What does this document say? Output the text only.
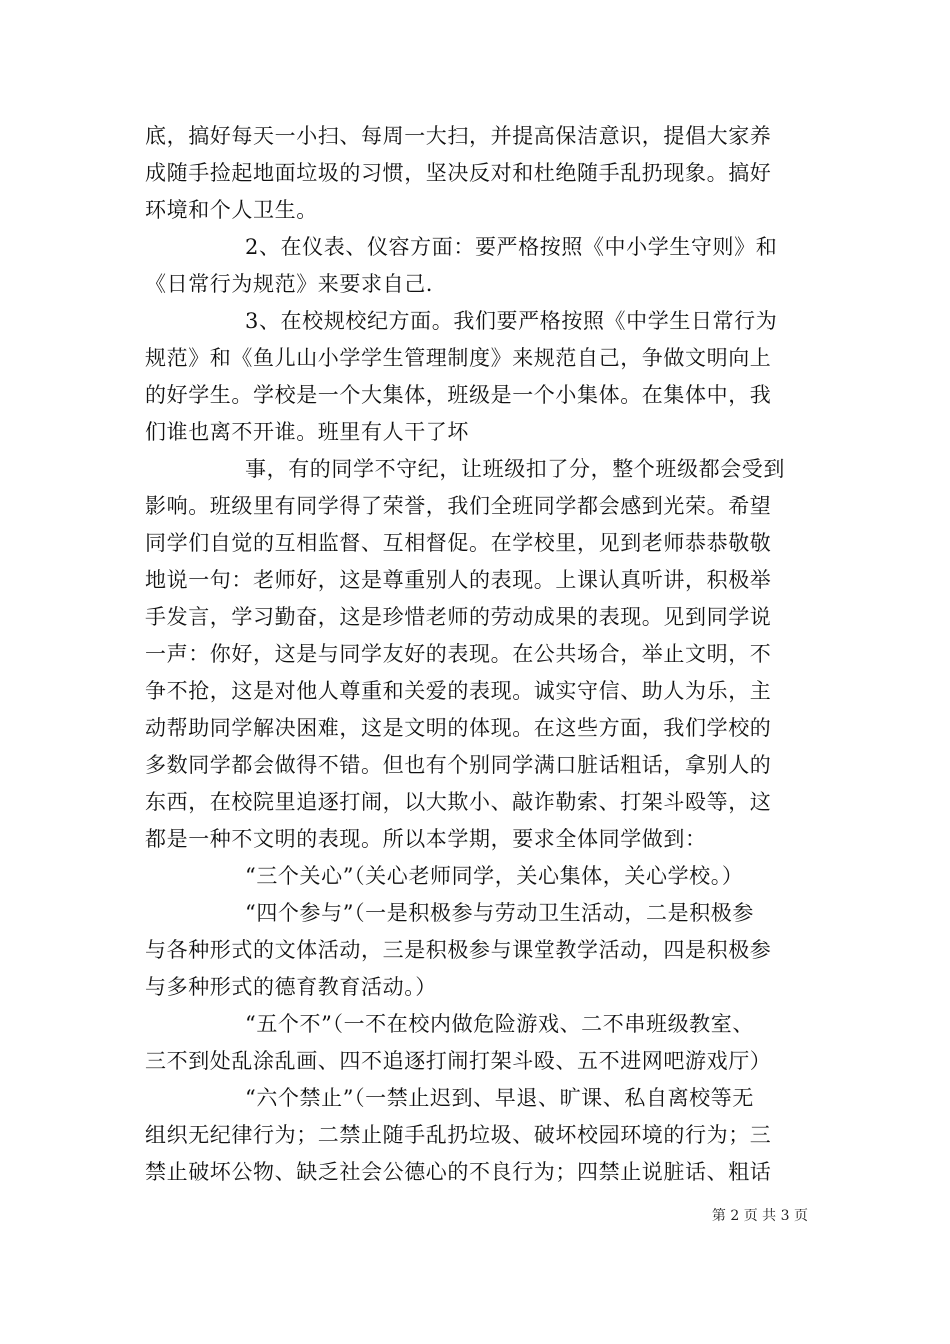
底，搞好每天一小扫、每周一大扫，并提高保洁意识，提倡大家养
成随手捡起地面垃圾的习惯，坚决反对和杜绝随手乱扔现象。搞好
环境和个人卫生。
2、在仪表、仪容方面：要严格按照《中小学生守则》和
《日常行为规范》来要求自己.
3、在校规校纪方面。我们要严格按照《中学生日常行为
规范》和《鱼儿山小学学生管理制度》来规范自己，争做文明向上
的好学生。学校是一个大集体，班级是一个小集体。在集体中，我
们谁也离不开谁。班里有人干了坏
事，有的同学不守纪，让班级扣了分，整个班级都会受到
影响。班级里有同学得了荣誉，我们全班同学都会感到光荣。希望
同学们自觉的互相监督、互相督促。在学校里，见到老师恭恭敬敬
地说一句：老师好，这是尊重别人的表现。上课认真听讲，积极举
手发言，学习勤奋，这是珍惜老师的劳动成果的表现。见到同学说
一声：你好，这是与同学友好的表现。在公共场合，举止文明，不
争不抢，这是对他人尊重和关爱的表现。诚实守信、助人为乐，主
动帮助同学解决困难，这是文明的体现。在这些方面，我们学校的
多数同学都会做得不错。但也有个别同学满口脏话粗话，拿别人的
东西，在校院里追逐打闹，以大欺小、敲诈勒索、打架斗殴等，这
都是一种不文明的表现。所以本学期，要求全体同学做到：
“三个关心”（关心老师同学，关心集体，关心学校。）
“四个参与”（一是积极参与劳动卫生活动，二是积极参
与各种形式的文体活动，三是积极参与课堂教学活动，四是积极参
与多种形式的德育教育活动。）
“五个不”（一不在校内做危险游戏、二不串班级教室、
三不到处乱涂乱画、四不追逐打闹打架斗殴、五不进网吧游戏厅）
“六个禁止”（一禁止迟到、早退、旷课、私自离校等无
组织无纪律行为；二禁止随手乱扔垃圾、破坏校园环境的行为；三
禁止破坏公物、缺乏社会公德心的不良行为；四禁止说脏话、粗话

第 2 页 共 3 页
